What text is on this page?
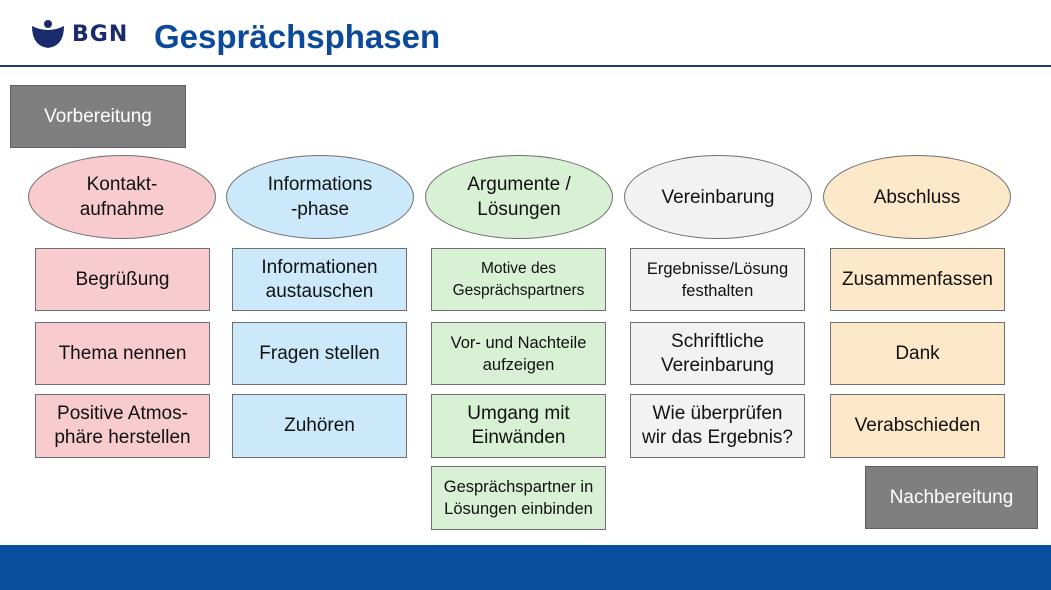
BGN Gesprächsphasen
Vorbereitung
Kontakt-
aufnahme
Begrüßung
Thema nennen
Positive Atmos-
phäre herstellen
Informations
-phase
Informationen
austauschen
Fragen stellen
Zuhören
Argumente /
Lösungen
Motive des
Gesprächspartners
Vor- und Nachteile
aufzeigen
Umgang mit
Einwänden
Gesprächspartner in
Lösungen einbinden
Vereinbarung
Ergebnisse/Lösung
festhalten
Schriftliche
Vereinbarung
Wie überprüfen
wir das Ergebnis?
Abschluss
Zusammenfassen
Dank
Verabschieden
Nachbereitung
